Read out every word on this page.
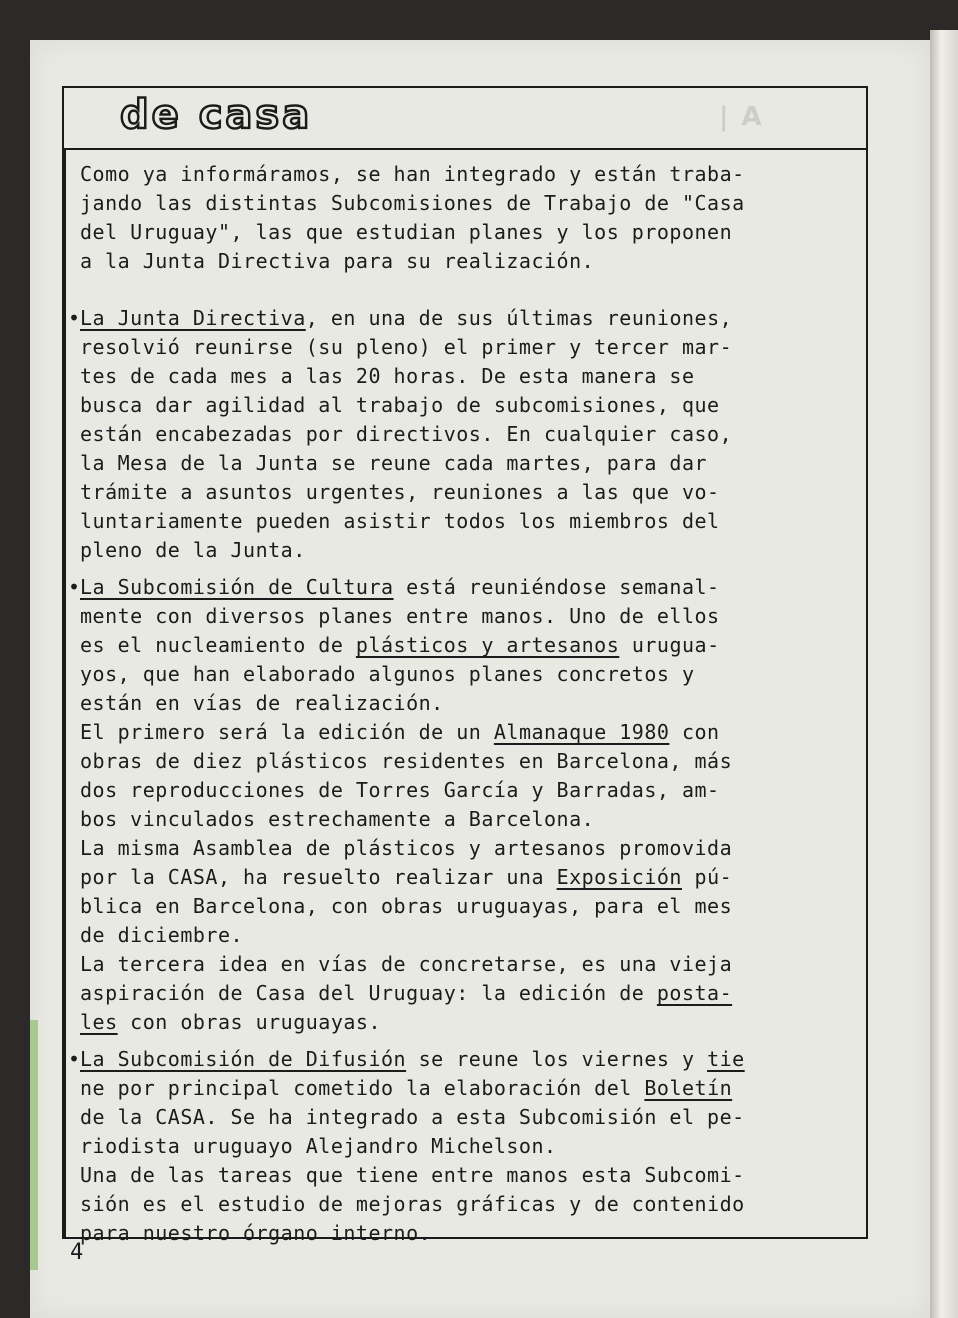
de casa	| A
Como ya informáramos, se han integrado y están traba-
jando las distintas Subcomisiones de Trabajo de "Casa
del Uruguay", las que estudian planes y los proponen
a la Junta Directiva para su realización.
•La Junta Directiva, en una de sus últimas reuniones,
resolvió reunirse (su pleno) el primer y tercer mar-
tes de cada mes a las 20 horas. De esta manera se
busca dar agilidad al trabajo de subcomisiones, que
están encabezadas por directivos. En cualquier caso,
la Mesa de la Junta se reune cada martes, para dar
trámite a asuntos urgentes, reuniones a las que vo-
luntariamente pueden asistir todos los miembros del
pleno de la Junta.
•La Subcomisión de Cultura está reuniéndose semanal-
mente con diversos planes entre manos. Uno de ellos
es el nucleamiento de plásticos y artesanos urugua-
yos, que han elaborado algunos planes concretos y
están en vías de realización.
El primero será la edición de un Almanaque 1980 con
obras de diez plásticos residentes en Barcelona, más
dos reproducciones de Torres García y Barradas, am-
bos vinculados estrechamente a Barcelona.
La misma Asamblea de plásticos y artesanos promovida
por la CASA, ha resuelto realizar una Exposición pú-
blica en Barcelona, con obras uruguayas, para el mes
de diciembre.
La tercera idea en vías de concretarse, es una vieja
aspiración de Casa del Uruguay: la edición de posta-
les con obras uruguayas.
•La Subcomisión de Difusión se reune los viernes y tie
ne por principal cometido la elaboración del Boletín
de la CASA. Se ha integrado a esta Subcomisión el pe-
riodista uruguayo Alejandro Michelson.
Una de las tareas que tiene entre manos esta Subcomi-
sión es el estudio de mejoras gráficas y de contenido
para nuestro órgano interno.
4
